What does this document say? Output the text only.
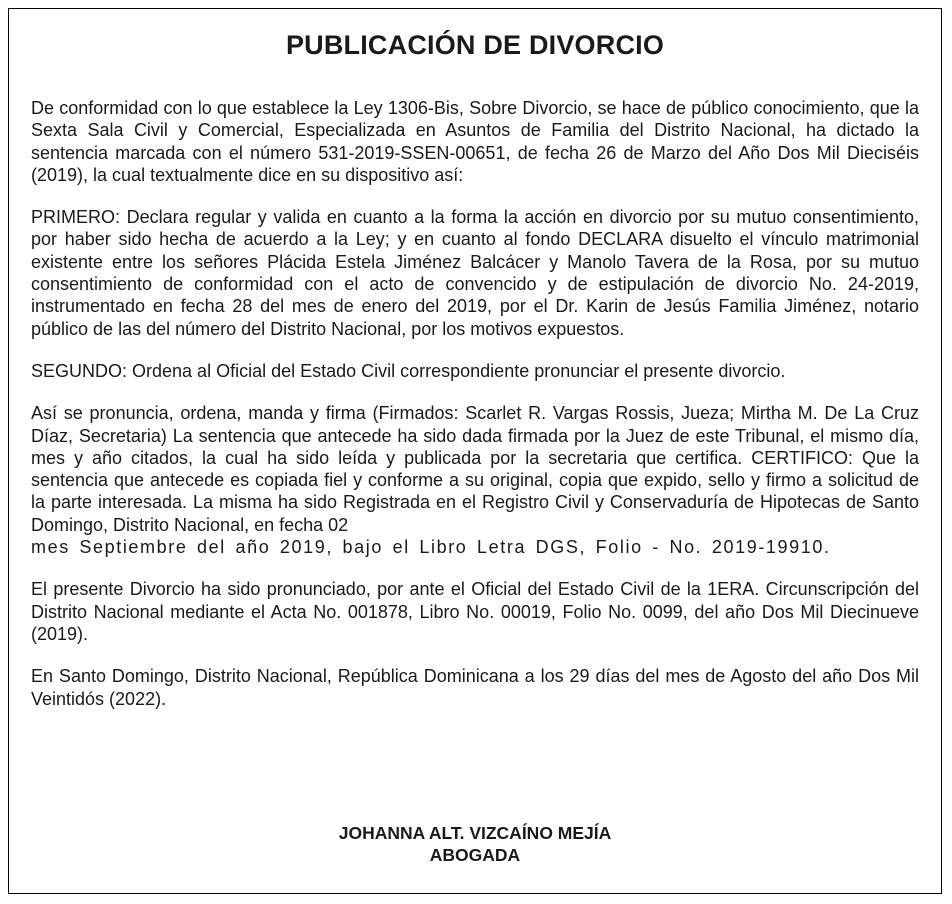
PUBLICACIÓN DE DIVORCIO

De conformidad con lo que establece la Ley 1306-Bis, Sobre Divorcio, se hace de público conocimiento, que la Sexta Sala Civil y Comercial, Especializada en Asuntos de Familia del Distrito Nacional, ha dictado la sentencia marcada con el número 531-2019-SSEN-00651, de fecha 26 de Marzo del Año Dos Mil Dieciséis (2019), la cual textualmente dice en su dispositivo así:

PRIMERO: Declara regular y valida en cuanto a la forma la acción en divorcio por su mutuo consentimiento, por haber sido hecha de acuerdo a la Ley; y en cuanto al fondo DECLARA disuelto el vínculo matrimonial existente entre los señores Plácida Estela Jiménez Balcácer y Manolo Tavera de la Rosa, por su mutuo consentimiento de conformidad con el acto de convencido y de estipulación de divorcio No. 24-2019, instrumentado en fecha 28 del mes de enero del 2019, por el Dr. Karin de Jesús Familia Jiménez, notario público de las del número del Distrito Nacional, por los motivos expuestos.

SEGUNDO: Ordena al Oficial del Estado Civil correspondiente pronunciar el presente divorcio.

Así se pronuncia, ordena, manda y firma (Firmados: Scarlet R. Vargas Rossis, Jueza; Mirtha M. De La Cruz Díaz, Secretaria) La sentencia que antecede ha sido dada firmada por la Juez de este Tribunal, el mismo día, mes y año citados, la cual ha sido leída y publicada por la secretaria que certifica. CERTIFICO: Que la sentencia que antecede es copiada fiel y conforme a su original, copia que expido, sello y firmo a solicitud de la parte interesada. La misma ha sido Registrada en el Registro Civil y Conservaduría de Hipotecas de Santo Domingo, Distrito Nacional, en fecha 02
mes Septiembre del año 2019, bajo el Libro Letra DGS, Folio - No. 2019-19910.

El presente Divorcio ha sido pronunciado, por ante el Oficial del Estado Civil de la 1ERA. Circunscripción del Distrito Nacional mediante el Acta No. 001878, Libro No. 00019, Folio No. 0099, del año Dos Mil Diecinueve (2019).

En Santo Domingo, Distrito Nacional, República Dominicana a los 29 días del mes de Agosto del año Dos Mil Veintidós (2022).

JOHANNA ALT. VIZCAÍNO MEJÍA
ABOGADA
